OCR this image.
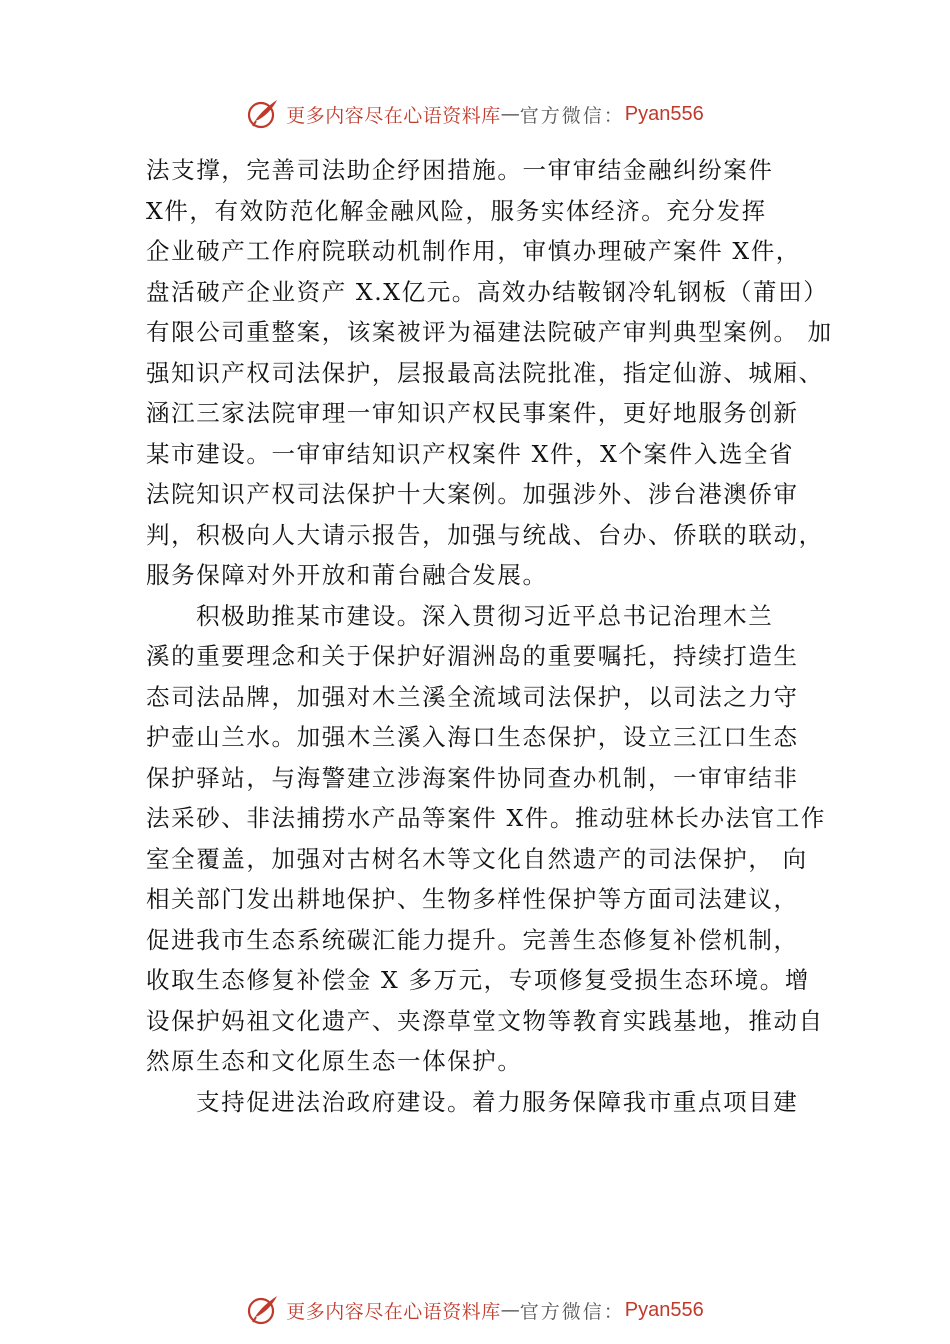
更多内容尽在心语资料库 — 官方微信： Pyan556
法支撑，完善司法助企纾困措施。一审审结金融纠纷案件
X件，有效防范化解金融风险，服务实体经济。充分发挥
企业破产工作府院联动机制作用，审慎办理破产案件 X件，
盘活破产企业资产 X.X亿元。高效办结鞍钢冷轧钢板（莆田）
有限公司重整案，该案被评为福建法院破产审判典型案例。 加
强知识产权司法保护，层报最高法院批准，指定仙游、城厢、
涵江三家法院审理一审知识产权民事案件，更好地服务创新
某市建设。一审审结知识产权案件 X件，X个案件入选全省
法院知识产权司法保护十大案例。加强涉外、涉台港澳侨审
判，积极向人大请示报告，加强与统战、台办、侨联的联动，
服务保障对外开放和莆台融合发展。
积极助推某市建设。深入贯彻习近平总书记治理木兰
溪的重要理念和关于保护好湄洲岛的重要嘱托，持续打造生
态司法品牌，加强对木兰溪全流域司法保护，以司法之力守
护壶山兰水。加强木兰溪入海口生态保护，设立三江口生态
保护驿站，与海警建立涉海案件协同查办机制，一审审结非
法采砂、非法捕捞水产品等案件 X件。推动驻林长办法官工作
室全覆盖，加强对古树名木等文化自然遗产的司法保护， 向
相关部门发出耕地保护、生物多样性保护等方面司法建议，
促进我市生态系统碳汇能力提升。完善生态修复补偿机制，
收取生态修复补偿金 X 多万元，专项修复受损生态环境。增
设保护妈祖文化遗产、夹漈草堂文物等教育实践基地，推动自
然原生态和文化原生态一体保护。
支持促进法治政府建设。着力服务保障我市重点项目建
更多内容尽在心语资料库 — 官方微信： Pyan556
